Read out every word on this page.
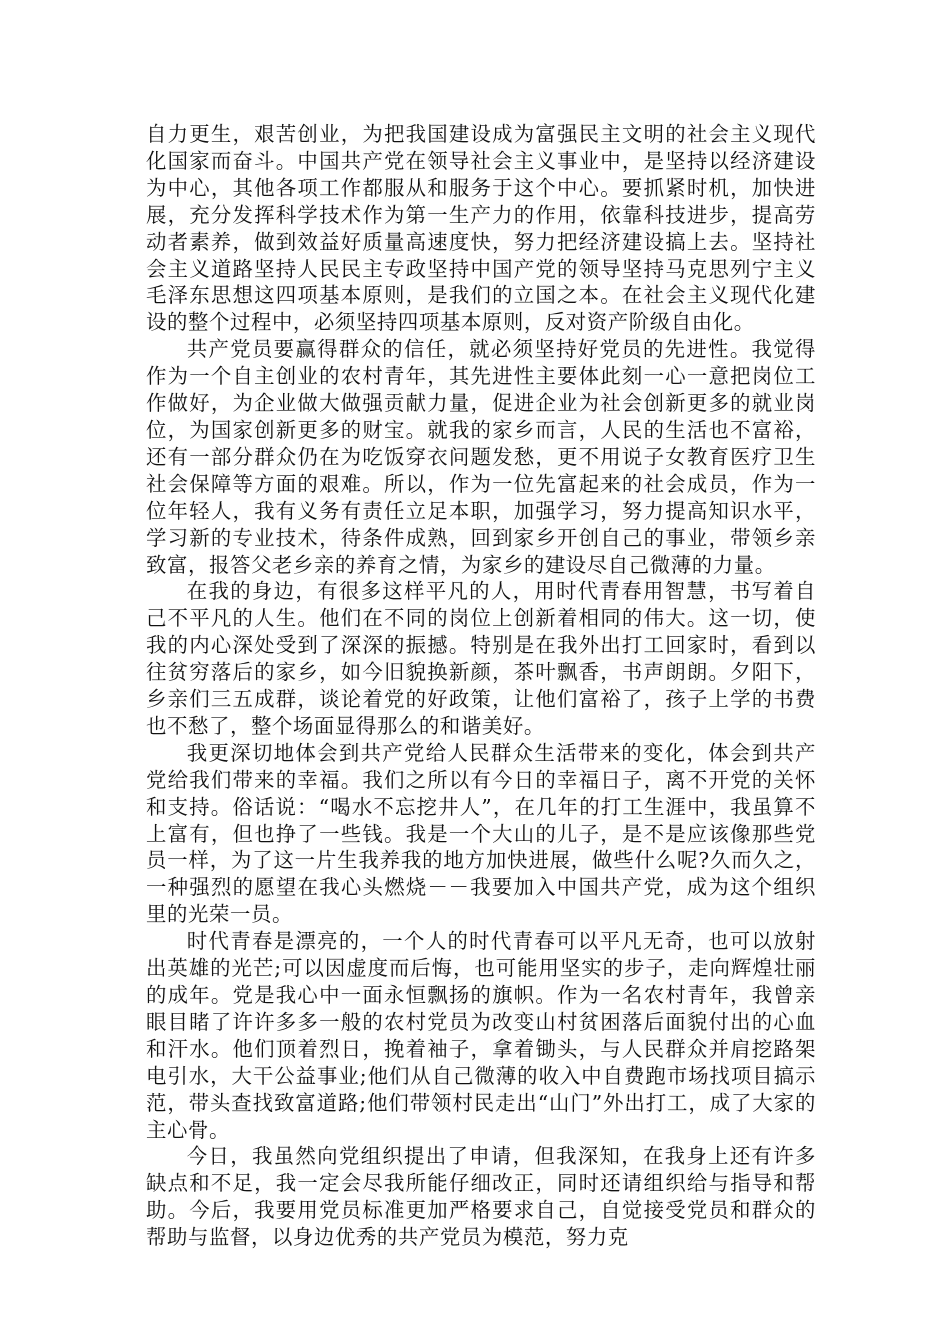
自力更生，艰苦创业，为把我国建设成为富强民主文明的社会主义现代化国家而奋斗。中国共产党在领导社会主义事业中，是坚持以经济建设为中心，其他各项工作都服从和服务于这个中心。要抓紧时机，加快进展，充分发挥科学技术作为第一生产力的作用，依靠科技进步，提高劳动者素养，做到效益好质量高速度快，努力把经济建设搞上去。坚持社会主义道路坚持人民民主专政坚持中国产党的领导坚持马克思列宁主义毛泽东思想这四项基本原则，是我们的立国之本。在社会主义现代化建设的整个过程中，必须坚持四项基本原则，反对资产阶级自由化。

共产党员要赢得群众的信任，就必须坚持好党员的先进性。我觉得作为一个自主创业的农村青年，其先进性主要体此刻一心一意把岗位工作做好，为企业做大做强贡献力量，促进企业为社会创新更多的就业岗位，为国家创新更多的财宝。就我的家乡而言，人民的生活也不富裕，还有一部分群众仍在为吃饭穿衣问题发愁，更不用说子女教育医疗卫生社会保障等方面的艰难。所以，作为一位先富起来的社会成员，作为一位年轻人，我有义务有责任立足本职，加强学习，努力提高知识水平，学习新的专业技术，待条件成熟，回到家乡开创自己的事业，带领乡亲致富，报答父老乡亲的养育之情，为家乡的建设尽自己微薄的力量。

在我的身边，有很多这样平凡的人，用时代青春用智慧，书写着自己不平凡的人生。他们在不同的岗位上创新着相同的伟大。这一切，使我的内心深处受到了深深的振撼。特别是在我外出打工回家时，看到以往贫穷落后的家乡，如今旧貌换新颜，茶叶飘香，书声朗朗。夕阳下，乡亲们三五成群，谈论着党的好政策，让他们富裕了，孩子上学的书费也不愁了，整个场面显得那么的和谐美好。

我更深切地体会到共产党给人民群众生活带来的变化，体会到共产党给我们带来的幸福。我们之所以有今日的幸福日子，离不开党的关怀和支持。俗话说：“喝水不忘挖井人”，在几年的打工生涯中，我虽算不上富有，但也挣了一些钱。我是一个大山的儿子，是不是应该像那些党员一样，为了这一片生我养我的地方加快进展，做些什么呢?久而久之，一种强烈的愿望在我心头燃烧－－我要加入中国共产党，成为这个组织里的光荣一员。

时代青春是漂亮的，一个人的时代青春可以平凡无奇，也可以放射出英雄的光芒;可以因虚度而后悔，也可能用坚实的步子，走向辉煌壮丽的成年。党是我心中一面永恒飘扬的旗帜。作为一名农村青年，我曾亲眼目睹了许许多多一般的农村党员为改变山村贫困落后面貌付出的心血和汗水。他们顶着烈日，挽着袖子，拿着锄头，与人民群众并肩挖路架电引水，大干公益事业;他们从自己微薄的收入中自费跑市场找项目搞示范，带头查找致富道路;他们带领村民走出“山门”外出打工，成了大家的主心骨。

今日，我虽然向党组织提出了申请，但我深知，在我身上还有许多缺点和不足，我一定会尽我所能仔细改正，同时还请组织给与指导和帮助。今后，我要用党员标准更加严格要求自己，自觉接受党员和群众的帮助与监督，以身边优秀的共产党员为模范，努力克
